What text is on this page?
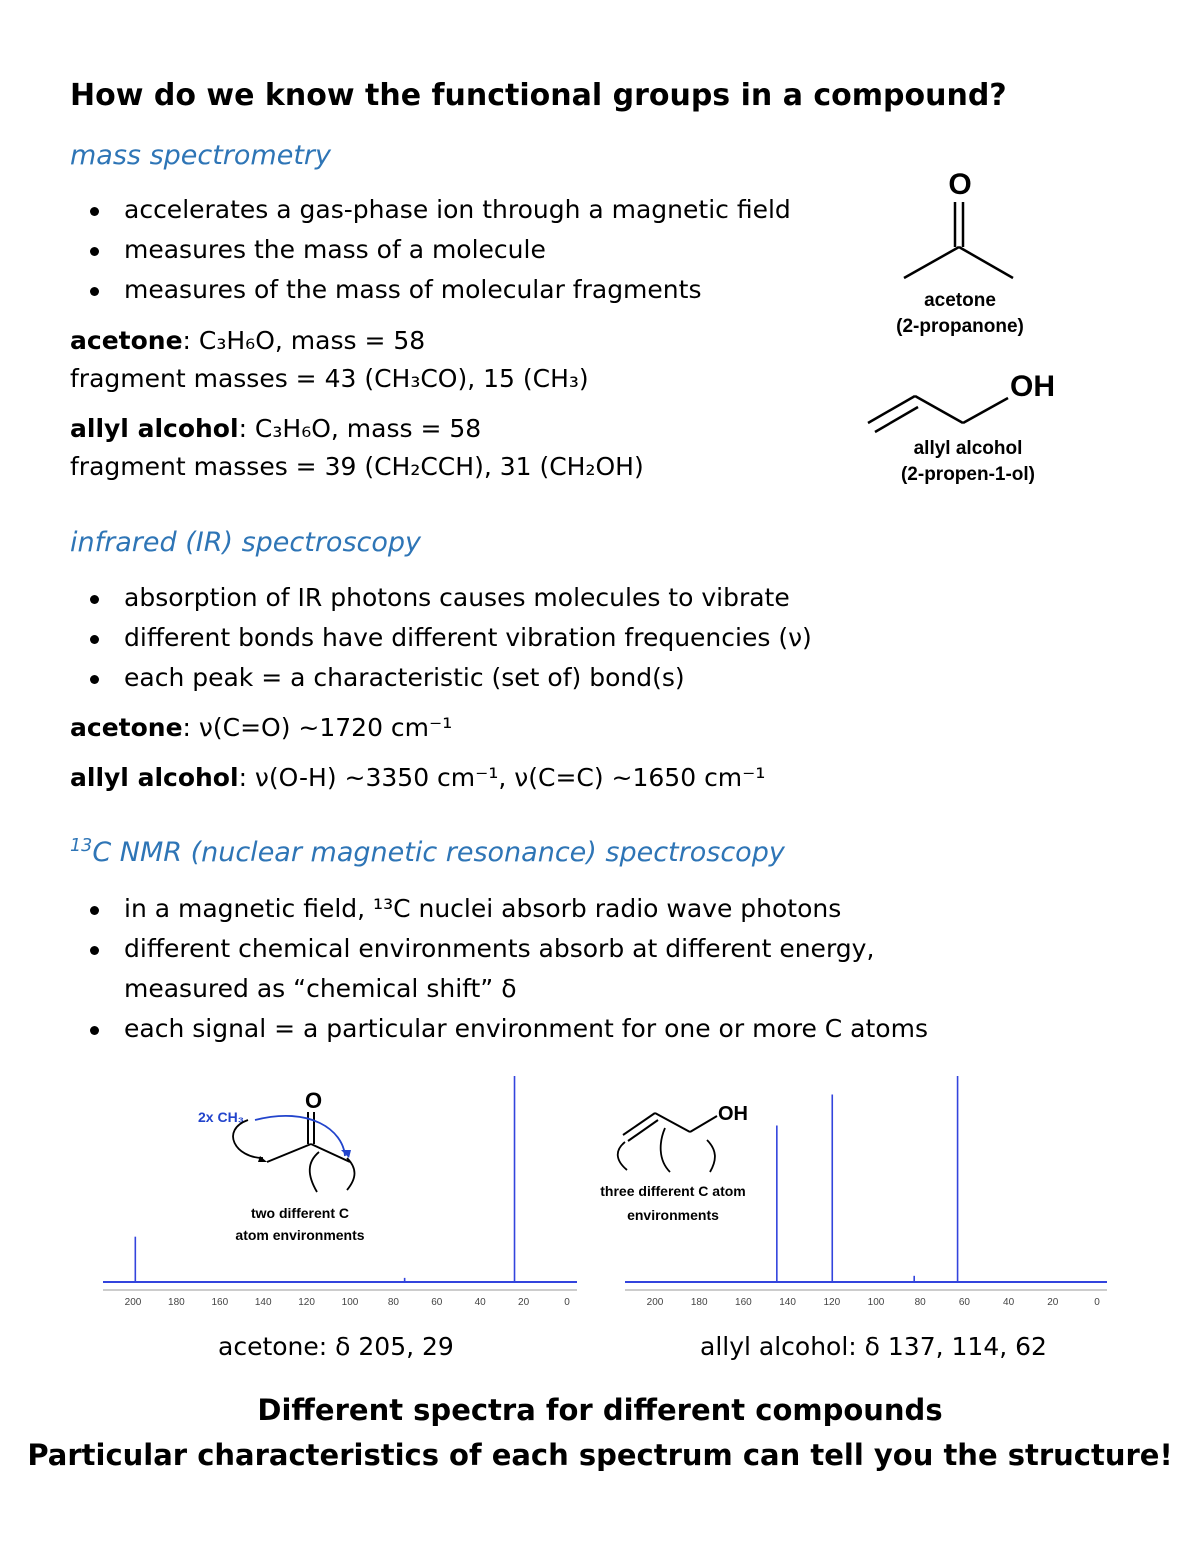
How do we know the functional groups in a compound?
mass spectrometry
accelerates a gas-phase ion through a magnetic field
measures the mass of a molecule
measures of the mass of molecular fragments
acetone: C₃H₆O, mass = 58
fragment masses = 43 (CH₃CO), 15 (CH₃)
allyl alcohol: C₃H₆O, mass = 58
fragment masses = 39 (CH₂CCH), 31 (CH₂OH)
O
acetone
(2-propanone)
OH
allyl alcohol
(2-propen-1-ol)
infrared (IR) spectroscopy
absorption of IR photons causes molecules to vibrate
different bonds have different vibration frequencies (ν)
each peak = a characteristic (set of) bond(s)
acetone: ν(C=O) ~1720 cm⁻¹
allyl alcohol: ν(O-H) ~3350 cm⁻¹, ν(C=C) ~1650 cm⁻¹
$^{13}$C NMR (nuclear magnetic resonance) spectroscopy
in a magnetic field, ¹³C nuclei absorb radio wave photons
different chemical environments absorb at different energy,
measured as “chemical shift” δ
each signal = a particular environment for one or more C atoms
200	180	160	140	120	100	80	60	40	20	0
2x CH₃
O
two different C
atom environments
200	180	160	140	120	100	80	60	40	20	0
OH
three different C atom
environments
acetone: δ 205, 29	allyl alcohol: δ 137, 114, 62
Different spectra for different compounds
Particular characteristics of each spectrum can tell you the structure!
